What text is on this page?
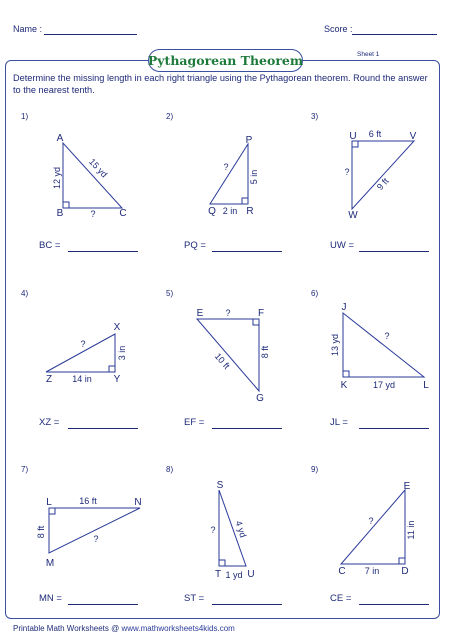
Name :	Score :
Pythagorean Theorem	Sheet 1
Determine the missing length in each right triangle using the Pythagorean theorem. Round the answer to the nearest tenth.
1)	2)	3)
4)	5)	6)
7)	8)	9)
A
B	C
12 yd	15 yd
?
P
Q	R
?
5 in
2 in
U	V
W
6 ft
9 ft
?
X
Z	Y
?
3 in
14 in
E	F
G
?
8 ft
10 ft
J
K	L
13 yd	?
17 yd
L	N
M
16 ft
8 ft
?
S
T	U
? 4 yd
1 yd
E
C	D
?	11 in
7 in
BC =	PQ =	UW =
XZ =	EF =	JL =
MN =	ST =	CE =
Printable Math Worksheets @ www.mathworksheets4kids.com
